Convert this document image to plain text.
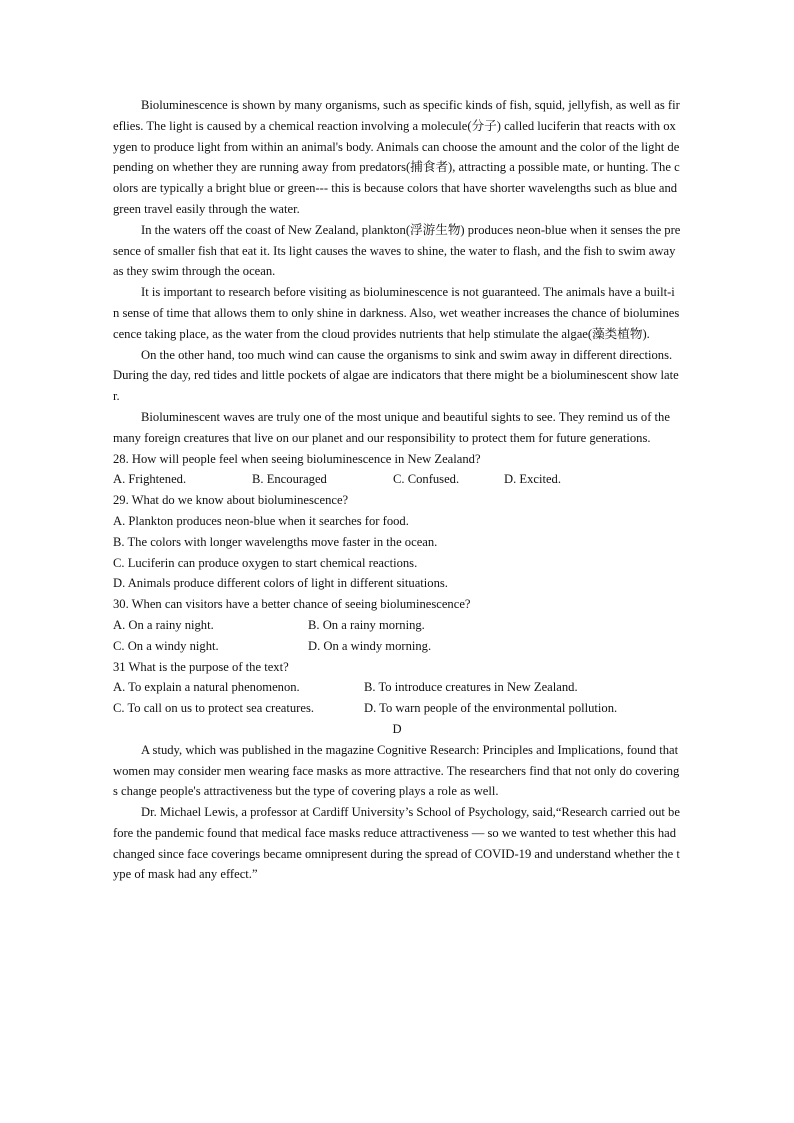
Bioluminescence is shown by many organisms, such as specific kinds of fish, squid, jellyfish, as well as fireflies. The light is caused by a chemical reaction involving a molecule(分子) called luciferin that reacts with oxygen to produce light from within an animal's body. Animals can choose the amount and the color of the light depending on whether they are running away from predators(捕食者), attracting a possible mate, or hunting. The colors are typically a bright blue or green--- this is because colors that have shorter wavelengths such as blue and green travel easily through the water.

In the waters off the coast of New Zealand, plankton(浮游生物) produces neon-blue when it senses the presence of smaller fish that eat it. Its light causes the waves to shine, the water to flash, and the fish to swim away as they swim through the ocean.

It is important to research before visiting as bioluminescence is not guaranteed. The animals have a built-in sense of time that allows them to only shine in darkness. Also, wet weather increases the chance of bioluminescence taking place, as the water from the cloud provides nutrients that help stimulate the algae(藻类植物).

On the other hand, too much wind can cause the organisms to sink and swim away in different directions. During the day, red tides and little pockets of algae are indicators that there might be a bioluminescent show later.

Bioluminescent waves are truly one of the most unique and beautiful sights to see. They remind us of the many foreign creatures that live on our planet and our responsibility to protect them for future generations.

28. How will people feel when seeing bioluminescence in New Zealand?

A. Frightened.	B. Encouraged	C. Confused.	D. Excited.

29. What do we know about bioluminescence?

A. Plankton produces neon-blue when it searches for food.

B. The colors with longer wavelengths move faster in the ocean.

C. Luciferin can produce oxygen to start chemical reactions.

D. Animals produce different colors of light in different situations.

30. When can visitors have a better chance of seeing bioluminescence?

A. On a rainy night.	B. On a rainy morning.
C. On a windy night.	D. On a windy morning.

31 What is the purpose of the text?

A. To explain a natural phenomenon.	B. To introduce creatures in New Zealand.
C. To call on us to protect sea creatures.	D. To warn people of the environmental pollution.

D

A study, which was published in the magazine Cognitive Research: Principles and Implications, found that women may consider men wearing face masks as more attractive. The researchers find that not only do coverings change people's attractiveness but the type of covering plays a role as well.

Dr. Michael Lewis, a professor at Cardiff University’s School of Psychology, said,“Research carried out before the pandemic found that medical face masks reduce attractiveness — so we wanted to test whether this had changed since face coverings became omnipresent during the spread of COVID-19 and understand whether the type of mask had any effect.”
